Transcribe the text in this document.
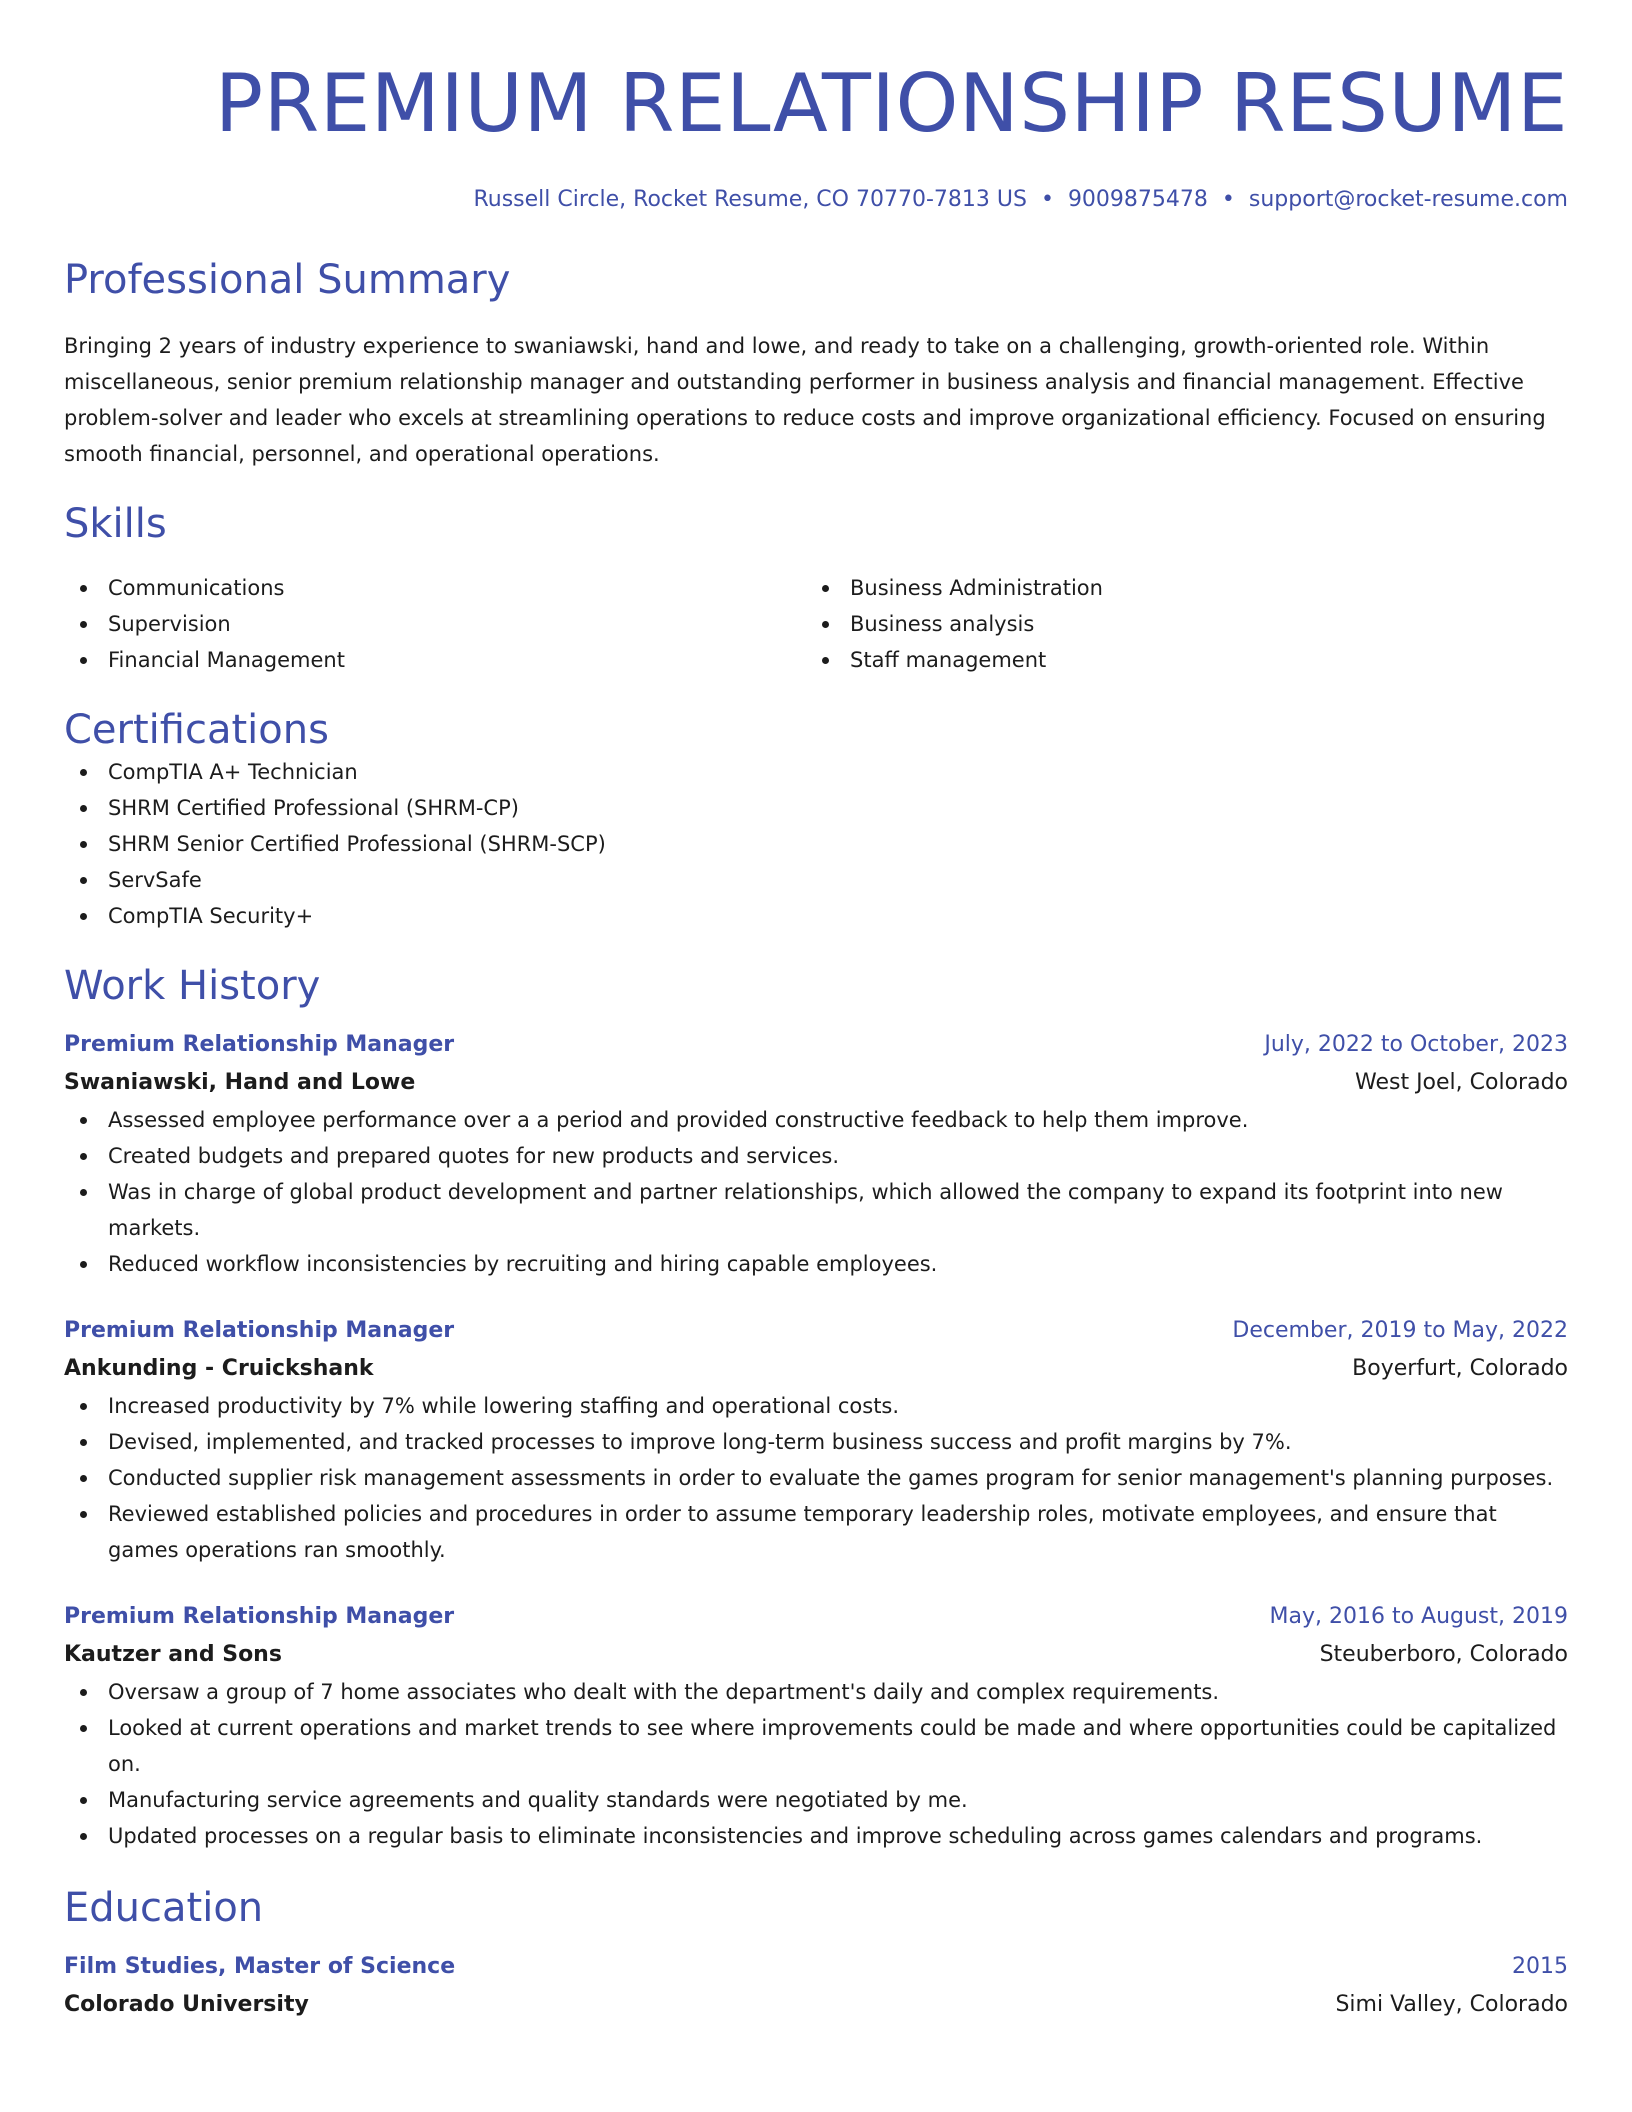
PREMIUM RELATIONSHIP RESUME
Russell Circle, Rocket Resume, CO 70770-7813 US • 9009875478 • support@rocket-resume.com
Professional Summary
Bringing 2 years of industry experience to swaniawski, hand and lowe, and ready to take on a challenging, growth-oriented role. Within miscellaneous, senior premium relationship manager and outstanding performer in business analysis and financial management. Effective problem-solver and leader who excels at streamlining operations to reduce costs and improve organizational efficiency. Focused on ensuring smooth financial, personnel, and operational operations.
Skills
Communications
Supervision
Financial Management
Business Administration
Business analysis
Staff management
Certifications
CompTIA A+ Technician
SHRM Certified Professional (SHRM-CP)
SHRM Senior Certified Professional (SHRM-SCP)
ServSafe
CompTIA Security+
Work History
Premium Relationship Manager	July, 2022 to October, 2023
Swaniawski, Hand and Lowe	West Joel, Colorado
Assessed employee performance over a a period and provided constructive feedback to help them improve.
Created budgets and prepared quotes for new products and services.
Was in charge of global product development and partner relationships, which allowed the company to expand its footprint into new markets.
Reduced workflow inconsistencies by recruiting and hiring capable employees.
Premium Relationship Manager	December, 2019 to May, 2022
Ankunding - Cruickshank	Boyerfurt, Colorado
Increased productivity by 7% while lowering staffing and operational costs.
Devised, implemented, and tracked processes to improve long-term business success and profit margins by 7%.
Conducted supplier risk management assessments in order to evaluate the games program for senior management's planning purposes.
Reviewed established policies and procedures in order to assume temporary leadership roles, motivate employees, and ensure that games operations ran smoothly.
Premium Relationship Manager	May, 2016 to August, 2019
Kautzer and Sons	Steuberboro, Colorado
Oversaw a group of 7 home associates who dealt with the department's daily and complex requirements.
Looked at current operations and market trends to see where improvements could be made and where opportunities could be capitalized on.
Manufacturing service agreements and quality standards were negotiated by me.
Updated processes on a regular basis to eliminate inconsistencies and improve scheduling across games calendars and programs.
Education
Film Studies, Master of Science	2015
Colorado University	Simi Valley, Colorado
